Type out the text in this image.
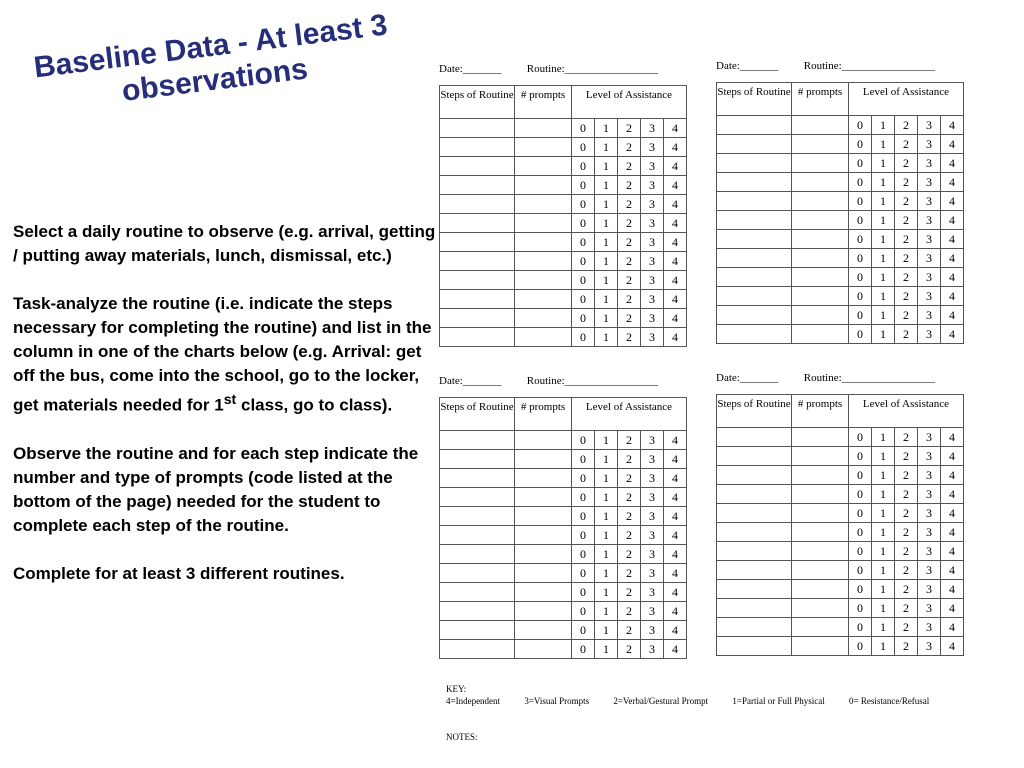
Baseline Data - At least 3 observations

Select a daily routine to observe (e.g. arrival, getting / putting away materials, lunch, dismissal, etc.)

Task-analyze the routine (i.e. indicate the steps necessary for completing the routine) and list in the column in one of the charts below (e.g. Arrival: get off the bus, come into the school, go to the locker, get materials needed for 1st class, go to class).

Observe the routine and for each step indicate the number and type of prompts (code listed at the bottom of the page) needed for the student to complete each step of the routine.

Complete for at least 3 different routines.

Date:_______ Routine:_________________
Steps of Routine	# prompts	Level of Assistance

		0 1 2 3 4

		0 1 2 3 4

		0 1 2 3 4

		0 1 2 3 4

		0 1 2 3 4

		0 1 2 3 4

		0 1 2 3 4

		0 1 2 3 4

		0 1 2 3 4

		0 1 2 3 4

		0 1 2 3 4

		0 1 2 3 4
Date:_______ Routine:_________________
Steps of Routine	# prompts	Level of Assistance

		0 1 2 3 4

		0 1 2 3 4

		0 1 2 3 4

		0 1 2 3 4

		0 1 2 3 4

		0 1 2 3 4

		0 1 2 3 4

		0 1 2 3 4

		0 1 2 3 4

		0 1 2 3 4

		0 1 2 3 4

		0 1 2 3 4
Date:_______ Routine:_________________
Steps of Routine	# prompts	Level of Assistance

		0 1 2 3 4

		0 1 2 3 4

		0 1 2 3 4

		0 1 2 3 4

		0 1 2 3 4

		0 1 2 3 4

		0 1 2 3 4

		0 1 2 3 4

		0 1 2 3 4

		0 1 2 3 4

		0 1 2 3 4

		0 1 2 3 4
Date:_______ Routine:_________________
Steps of Routine	# prompts	Level of Assistance

		0 1 2 3 4

		0 1 2 3 4

		0 1 2 3 4

		0 1 2 3 4

		0 1 2 3 4

		0 1 2 3 4

		0 1 2 3 4

		0 1 2 3 4

		0 1 2 3 4

		0 1 2 3 4

		0 1 2 3 4

		0 1 2 3 4
KEY:
4=Independent	3=Visual Prompts	2=Verbal/Gestural Prompt	1=Partial or Full Physical	0= Resistance/Refusal
NOTES:
